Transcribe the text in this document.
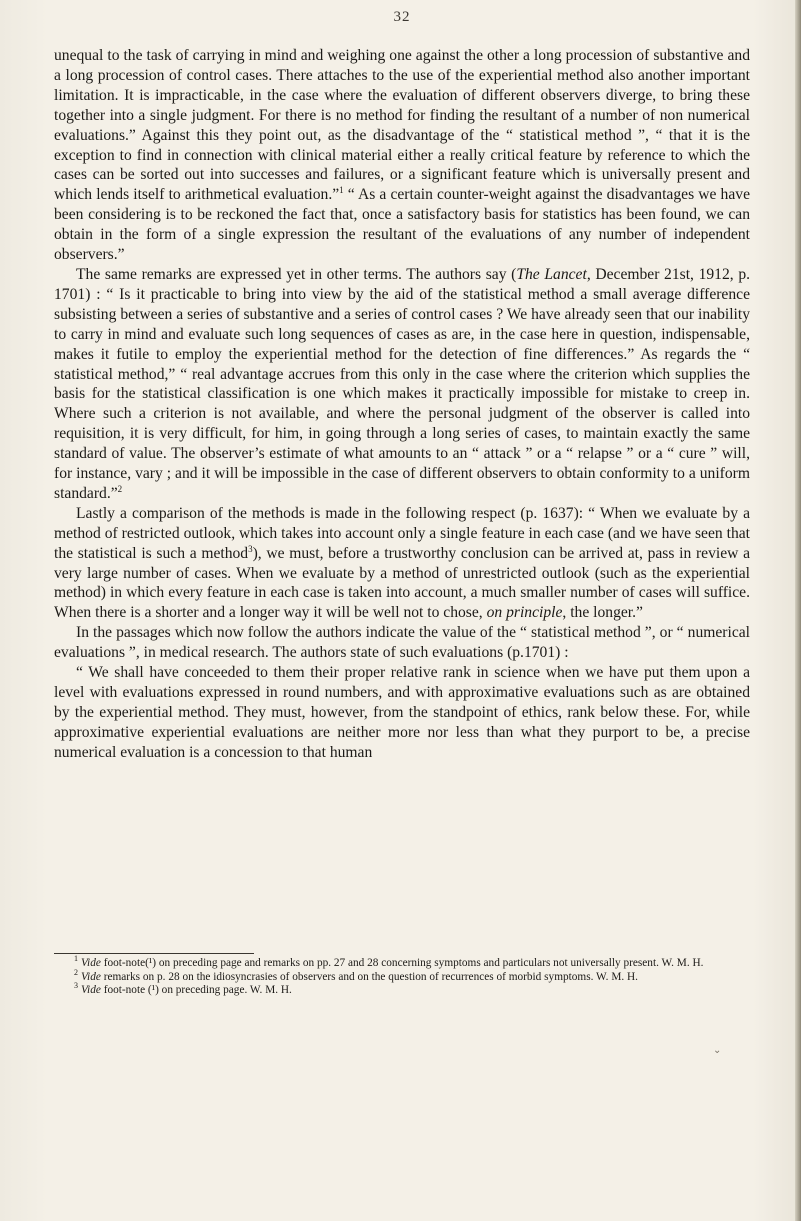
32

unequal to the task of carrying in mind and weighing one against the other a long procession of substantive and a long procession of control cases. There attaches to the use of the experiential method also another important limitation. It is impracticable, in the case where the evaluation of different observers diverge, to bring these together into a single judgment. For there is no method for finding the resultant of a number of non numerical evaluations.” Against this they point out, as the disadvantage of the “ statistical method ”, “ that it is the exception to find in connection with clinical material either a really critical feature by reference to which the cases can be sorted out into successes and failures, or a significant feature which is universally present and which lends itself to arithmetical evaluation.”$^1$ “ As a certain counter-weight against the disadvantages we have been considering is to be reckoned the fact that, once a satisfactory basis for statistics has been found, we can obtain in the form of a single expression the resultant of the evaluations of any number of independent observers.”

The same remarks are expressed yet in other terms. The authors say (The Lancet, December 21st, 1912, p. 1701) : “ Is it practicable to bring into view by the aid of the statistical method a small average difference subsisting between a series of substantive and a series of control cases ? We have already seen that our inability to carry in mind and evaluate such long sequences of cases as are, in the case here in question, indispensable, makes it futile to employ the experiential method for the detection of fine differences.” As regards the “ statistical method,” “ real advantage accrues from this only in the case where the criterion which supplies the basis for the statistical classification is one which makes it practically impossible for mistake to creep in. Where such a criterion is not available, and where the personal judgment of the observer is called into requisition, it is very difficult, for him, in going through a long series of cases, to maintain exactly the same standard of value. The observer’s estimate of what amounts to an “ attack ” or a “ relapse ” or a “ cure ” will, for instance, vary ; and it will be impossible in the case of different observers to obtain conformity to a uniform standard.”$^2$

Lastly a comparison of the methods is made in the following respect (p. 1637): “ When we evaluate by a method of restricted outlook, which takes into account only a single feature in each case (and we have seen that the statistical is such a method$^3$), we must, before a trustworthy conclusion can be arrived at, pass in review a very large number of cases. When we evaluate by a method of unrestricted outlook (such as the experiential method) in which every feature in each case is taken into account, a much smaller number of cases will suffice. When there is a shorter and a longer way it will be well not to chose, on principle, the longer.”

In the passages which now follow the authors indicate the value of the “ statistical method ”, or “ numerical evaluations ”, in medical research. The authors state of such evaluations (p.1701) :

“ We shall have conceeded to them their proper relative rank in science when we have put them upon a level with evaluations expressed in round numbers, and with approximative evaluations such as are obtained by the experiential method. They must, however, from the standpoint of ethics, rank below these. For, while approximative experiential evaluations are neither more nor less than what they purport to be, a precise numerical evaluation is a concession to that human

$^1$ Vide foot-note(¹) on preceding page and remarks on pp. 27 and 28 concerning symptoms and particulars not universally present. W. M. H.

$^2$ Vide remarks on p. 28 on the idiosyncrasies of observers and on the question of recurrences of morbid symptoms. W. M. H.

$^3$ Vide foot-note (¹) on preceding page. W. M. H.

⌄
